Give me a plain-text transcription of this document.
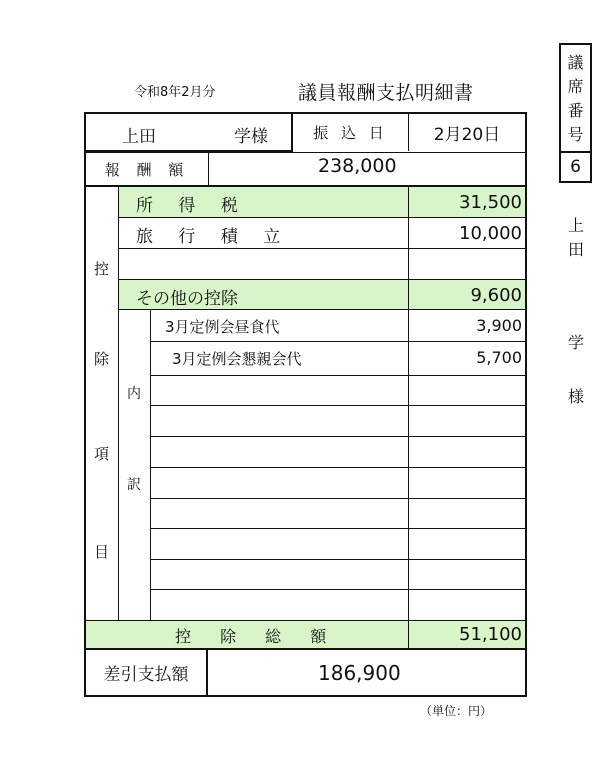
令和8年2月分	議員報酬支払明細書
上田	学様	振 込 日	2月20日
報 酬 額	238,000
控
除
項
目
所 得 税	31,500
旅 行 積 立	10,000
その他の控除	9,600
内
訳
3月定例会昼食代	3,900
3月定例会懇親会代	5,700
控 除 総 額	51,100
差引支払額	186,900
（単位：円）
議
席
番
号
6
上
田
学
様
